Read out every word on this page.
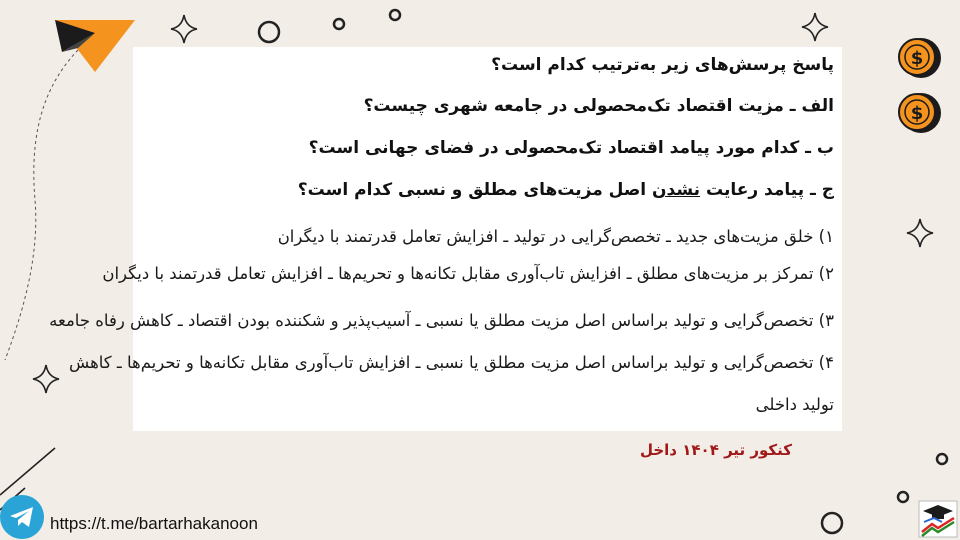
$
$
پاسخ پرسش‌های زیر به‌ترتیب کدام است؟
الف ـ مزیت اقتصاد تک‌محصولی در جامعه شهری چیست؟
ب ـ کدام مورد پیامد اقتصاد تک‌محصولی در فضای جهانی است؟
ج ـ پیامد رعایت نشدن اصل مزیت‌های مطلق و نسبی کدام است؟
۱) خلق مزیت‌های جدید ـ تخصص‌گرایی در تولید ـ افزایش تعامل قدرتمند با دیگران
۲) تمرکز بر مزیت‌های مطلق ـ افزایش تاب‌آوری مقابل تکانه‌ها و تحریم‌ها ـ افزایش تعامل قدرتمند با دیگران
۳) تخصص‌گرایی و تولید براساس اصل مزیت مطلق یا نسبی ـ آسیب‌پذیر و شکننده بودن اقتصاد ـ کاهش رفاه جامعه
۴) تخصص‌گرایی و تولید براساس اصل مزیت مطلق یا نسبی ـ افزایش تاب‌آوری مقابل تکانه‌ها و تحریم‌ها ـ کاهش
تولید داخلی
کنکور تیر ۱۴۰۴ داخل
https://t.me/bartarhakanoon
